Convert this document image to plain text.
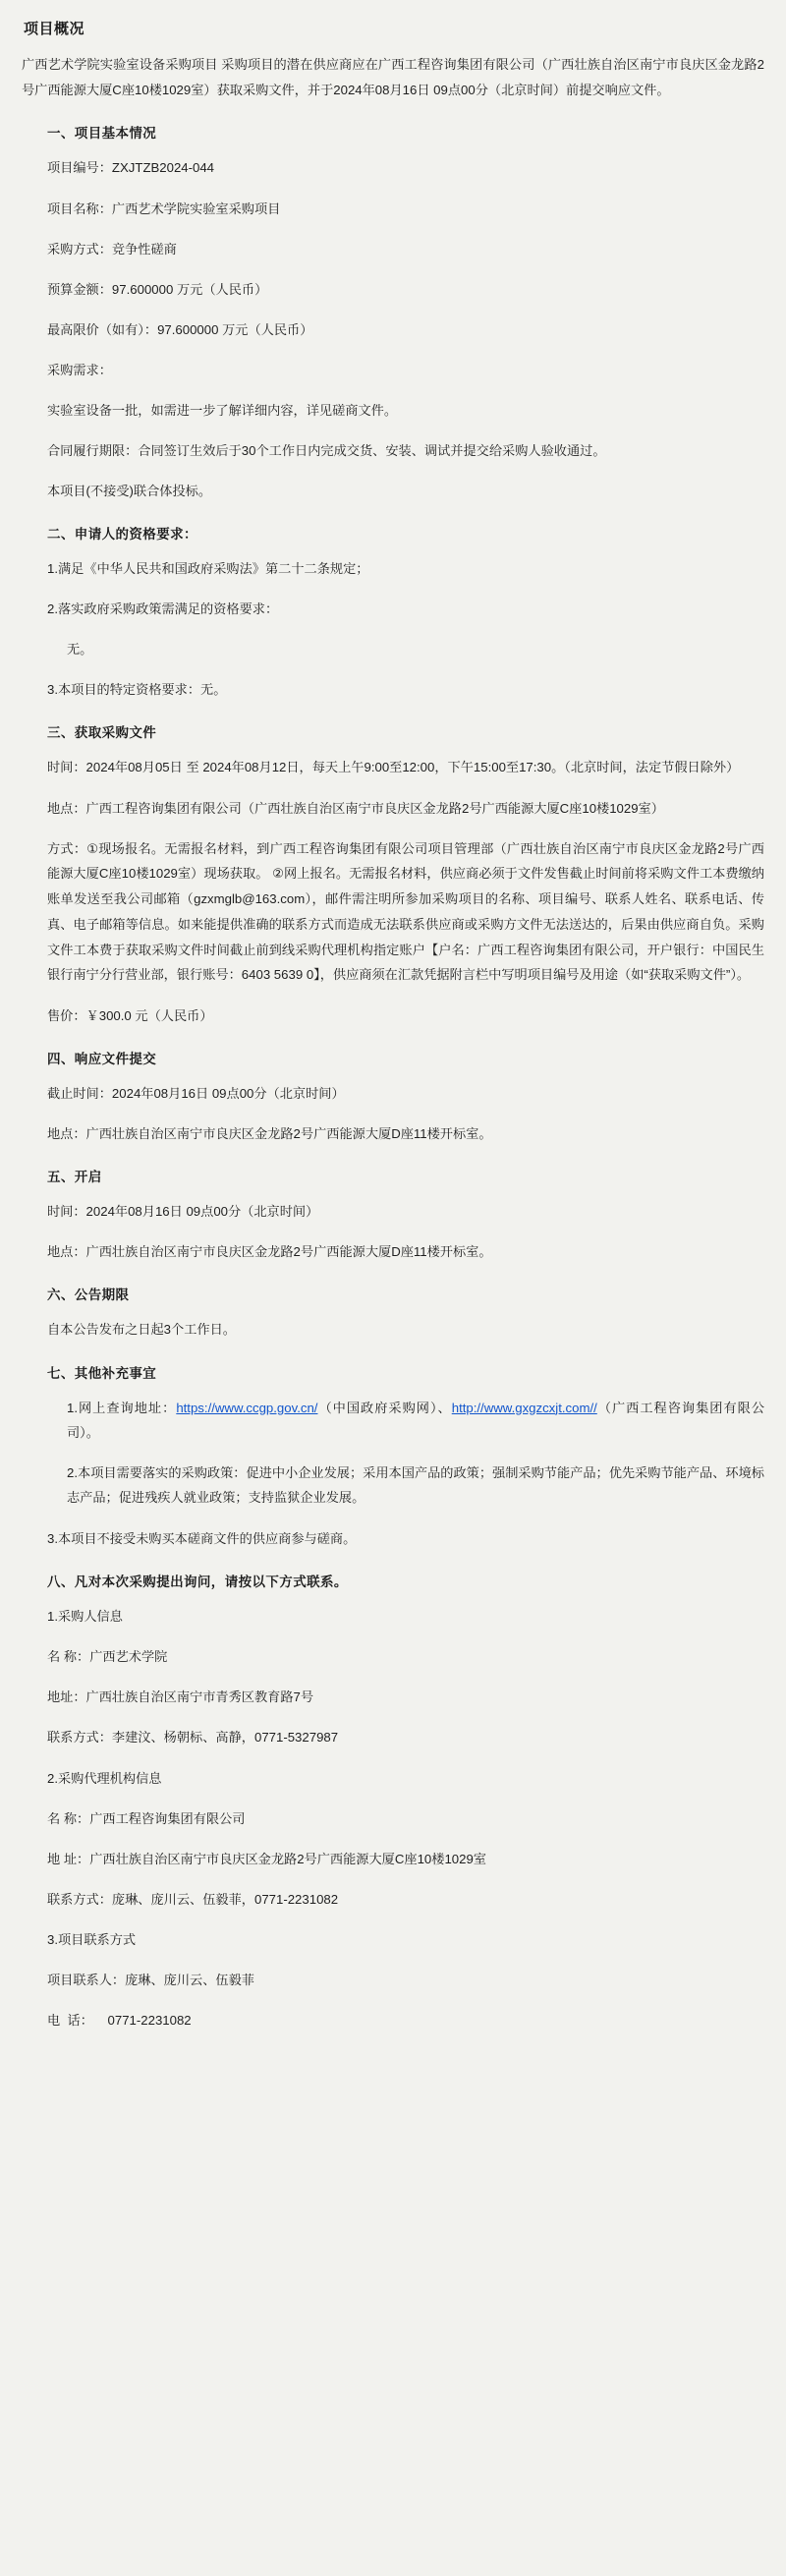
项目概况
广西艺术学院实验室设备采购项目 采购项目的潜在供应商应在广西工程咨询集团有限公司（广西壮族自治区南宁市良庆区金龙路2号广西能源大厦C座10楼1029室）获取采购文件，并于2024年08月16日 09点00分（北京时间）前提交响应文件。
一、项目基本情况
项目编号：ZXJTZB2024-044
项目名称：广西艺术学院实验室采购项目
采购方式：竞争性磋商
预算金额：97.600000 万元（人民币）
最高限价（如有）：97.600000 万元（人民币）
采购需求：
实验室设备一批，如需进一步了解详细内容，详见磋商文件。
合同履行期限：合同签订生效后于30个工作日内完成交货、安装、调试并提交给采购人验收通过。
本项目(不接受)联合体投标。
二、申请人的资格要求：
1.满足《中华人民共和国政府采购法》第二十二条规定；
2.落实政府采购政策需满足的资格要求：
无。
3.本项目的特定资格要求：无。
三、获取采购文件
时间：2024年08月05日 至 2024年08月12日，每天上午9:00至12:00，下午15:00至17:30。（北京时间，法定节假日除外）
地点：广西工程咨询集团有限公司（广西壮族自治区南宁市良庆区金龙路2号广西能源大厦C座10楼1029室）
方式：①现场报名。无需报名材料，到广西工程咨询集团有限公司项目管理部（广西壮族自治区南宁市良庆区金龙路2号广西能源大厦C座10楼1029室）现场获取。 ②网上报名。无需报名材料，供应商必须于文件发售截止时间前将采购文件工本费缴纳账单发送至我公司邮箱（gzxmglb@163.com），邮件需注明所参加采购项目的名称、项目编号、联系人姓名、联系电话、传真、电子邮箱等信息。如来能提供准确的联系方式而造成无法联系供应商或采购方文件无法送达的，后果由供应商自负。采购文件工本费于获取采购文件时间截止前到线采购代理机构指定账户【户名：广西工程咨询集团有限公司，开户银行：中国民生银行南宁分行营业部，银行账号：6403 5639 0】，供应商须在汇款凭据附言栏中写明项目编号及用途（如“获取采购文件”）。
售价：￥300.0 元（人民币）
四、响应文件提交
截止时间：2024年08月16日 09点00分（北京时间）
地点：广西壮族自治区南宁市良庆区金龙路2号广西能源大厦D座11楼开标室。
五、开启
时间：2024年08月16日 09点00分（北京时间）
地点：广西壮族自治区南宁市良庆区金龙路2号广西能源大厦D座11楼开标室。
六、公告期限
自本公告发布之日起3个工作日。
七、其他补充事宜
1.网上查询地址：https://www.ccgp.gov.cn/（中国政府采购网）、http://www.gxgzcxjt.com//（广西工程咨询集团有限公司）。
2.本项目需要落实的采购政策：促进中小企业发展；采用本国产品的政策；强制采购节能产品；优先采购节能产品、环境标志产品；促进残疾人就业政策；支持监狱企业发展。
3.本项目不接受未购买本磋商文件的供应商参与磋商。
八、凡对本次采购提出询问，请按以下方式联系。
1.采购人信息
名 称：广西艺术学院
地址：广西壮族自治区南宁市青秀区教育路7号
联系方式：李建汶、杨朝标、高静，0771-5327987
2.采购代理机构信息
名 称：广西工程咨询集团有限公司
地 址：广西壮族自治区南宁市良庆区金龙路2号广西能源大厦C座10楼1029室
联系方式：庞琳、庞川云、伍毅菲，0771-2231082
3.项目联系方式
项目联系人：庞琳、庞川云、伍毅菲
电  话：    0771-2231082
